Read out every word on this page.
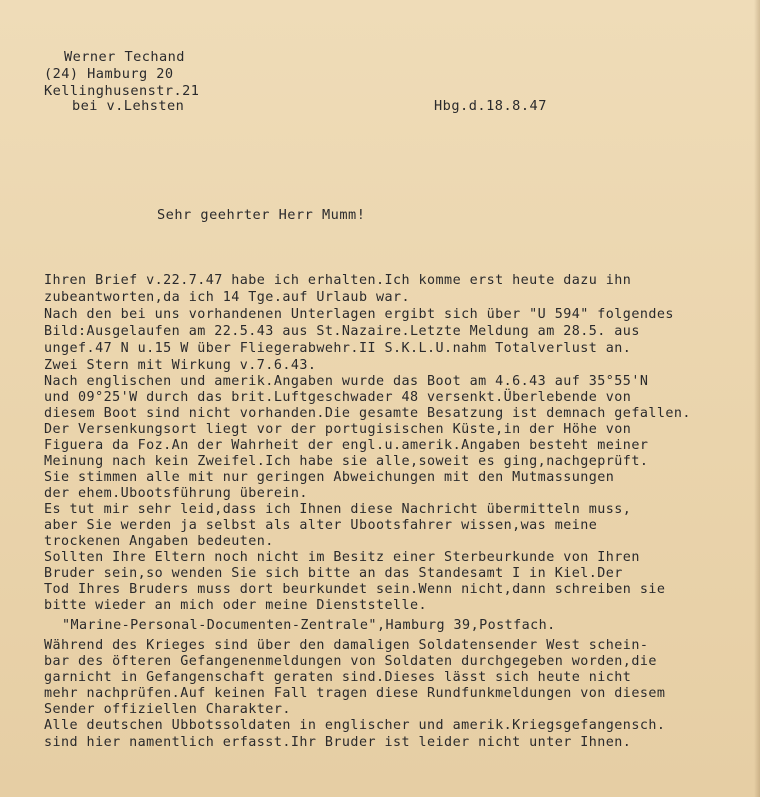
Werner Techand
(24) Hamburg 20
Kellinghusenstr.21
bei v.Lehsten	Hbg.d.18.8.47
Sehr geehrter Herr Mumm!
Ihren Brief v.22.7.47 habe ich erhalten.Ich komme erst heute dazu ihn
zubeantworten,da ich 14 Tge.auf Urlaub war.
Nach den bei uns vorhandenen Unterlagen ergibt sich über "U 594" folgendes
Bild:Ausgelaufen am 22.5.43 aus St.Nazaire.Letzte Meldung am 28.5. aus
ungef.47 N u.15 W über Fliegerabwehr.II S.K.L.U.nahm Totalverlust an.
Zwei Stern mit Wirkung v.7.6.43.
Nach englischen und amerik.Angaben wurde das Boot am 4.6.43 auf 35°55'N
und 09°25'W durch das brit.Luftgeschwader 48 versenkt.Überlebende von
diesem Boot sind nicht vorhanden.Die gesamte Besatzung ist demnach gefallen.
Der Versenkungsort liegt vor der portugisischen Küste,in der Höhe von
Figuera da Foz.An der Wahrheit der engl.u.amerik.Angaben besteht meiner
Meinung nach kein Zweifel.Ich habe sie alle,soweit es ging,nachgeprüft.
Sie stimmen alle mit nur geringen Abweichungen mit den Mutmassungen
der ehem.Ubootsführung überein.
Es tut mir sehr leid,dass ich Ihnen diese Nachricht übermitteln muss,
aber Sie werden ja selbst als alter Ubootsfahrer wissen,was meine
trockenen Angaben bedeuten.
Sollten Ihre Eltern noch nicht im Besitz einer Sterbeurkunde von Ihren
Bruder sein,so wenden Sie sich bitte an das Standesamt I in Kiel.Der
Tod Ihres Bruders muss dort beurkundet sein.Wenn nicht,dann schreiben sie
bitte wieder an mich oder meine Dienststelle.
"Marine-Personal-Documenten-Zentrale",Hamburg 39,Postfach.
Während des Krieges sind über den damaligen Soldatensender West schein-
bar des öfteren Gefangenenmeldungen von Soldaten durchgegeben worden,die
garnicht in Gefangenschaft geraten sind.Dieses lässt sich heute nicht
mehr nachprüfen.Auf keinen Fall tragen diese Rundfunkmeldungen von diesem
Sender offiziellen Charakter.
Alle deutschen Ubbotssoldaten in englischer und amerik.Kriegsgefangensch.
sind hier namentlich erfasst.Ihr Bruder ist leider nicht unter Ihnen.
